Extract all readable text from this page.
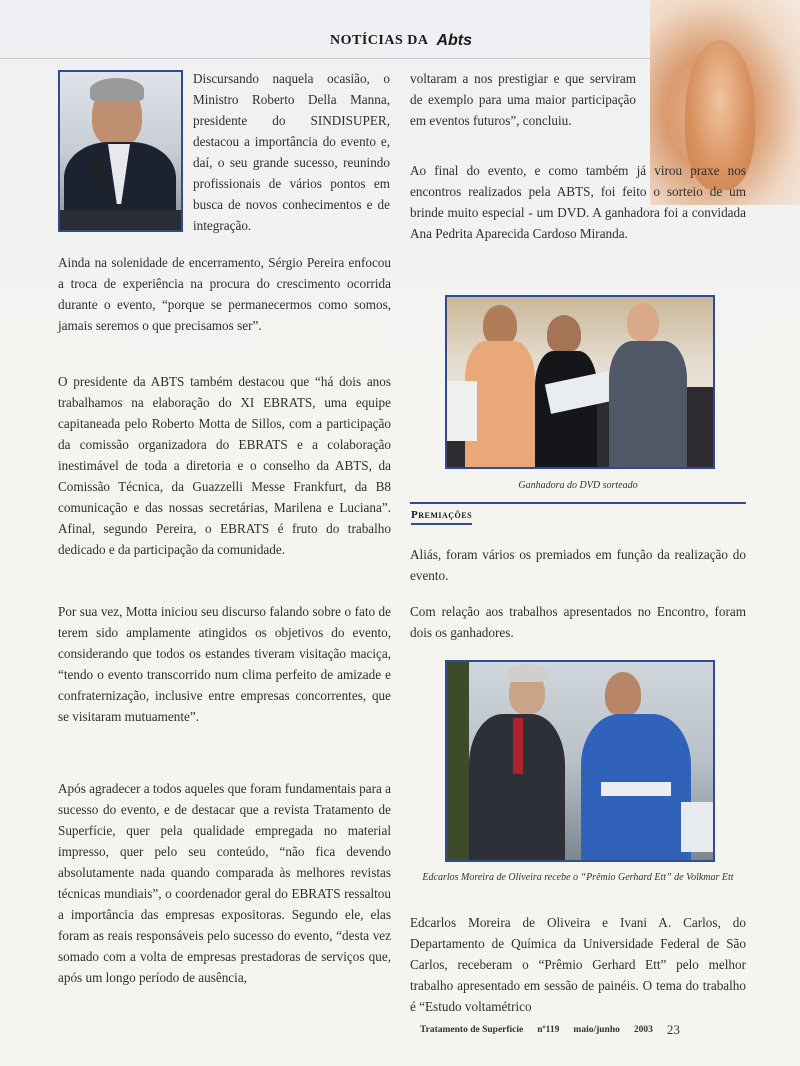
NOTÍCIAS DA Abts

Discursando naquela ocasião, o Ministro Roberto Della Manna, presidente do SINDISUPER, destacou a importância do evento e, daí, o seu grande sucesso, reunindo profissionais de vários pontos em busca de novos conhecimentos e de integração.

Ainda na solenidade de encerramento, Sérgio Pereira enfocou a troca de experiência na procura do crescimento ocorrida durante o evento, “porque se permanecermos como somos, jamais seremos o que precisamos ser”.

O presidente da ABTS também destacou que “há dois anos trabalhamos na elaboração do XI EBRATS, uma equipe capitaneada pelo Roberto Motta de Sillos, com a participação da comissão organizadora do EBRATS e a colaboração inestimável de toda a diretoria e o conselho da ABTS, da Comissão Técnica, da Guazzelli Messe Frankfurt, da B8 comunicação e das nossas secretárias, Marilena e Luciana”. Afinal, segundo Pereira, o EBRATS é fruto do trabalho dedicado e da participação da comunidade.

Por sua vez, Motta iniciou seu discurso falando sobre o fato de terem sido amplamente atingidos os objetivos do evento, considerando que todos os estandes tiveram visitação maciça, “tendo o evento transcorrido num clima perfeito de amizade e confraternização, inclusive entre empresas concorrentes, que se visitaram mutuamente”.

Após agradecer a todos aqueles que foram fundamentais para a sucesso do evento, e de destacar que a revista Tratamento de Superfície, quer pela qualidade empregada no material impresso, quer pelo seu conteúdo, “não fica devendo absolutamente nada quando comparada às melhores revistas técnicas mundiais”, o coordenador geral do EBRATS ressaltou a importância das empresas expositoras. Segundo ele, elas foram as reais responsáveis pelo sucesso do evento, “desta vez somado com a volta de empresas prestadoras de serviços que, após um longo período de ausência,

voltaram a nos prestigiar e que serviram de exemplo para uma maior participação em eventos futuros”, concluiu.

Ao final do evento, e como também já virou praxe nos encontros realizados pela ABTS, foi feito o sorteio de um brinde muito especial - um DVD. A ganhadora foi a convidada Ana Pedrita Aparecida Cardoso Miranda.

Ganhadora do DVD sorteado
Premiações

Aliás, foram vários os premiados em função da realização do evento.

Com relação aos trabalhos apresentados no Encontro, foram dois os ganhadores.

Edcarlos Moreira de Oliveira recebe o “Prêmio Gerhard Ett” de Volkmar Ett

Edcarlos Moreira de Oliveira e Ivani A. Carlos, do Departamento de Química da Universidade Federal de São Carlos, receberam o “Prêmio Gerhard Ett” pelo melhor trabalho apresentado em sessão de painéis. O tema do trabalho é “Estudo voltamétrico

Tratamento de Superfície nº119 maio/junho 2003 23
